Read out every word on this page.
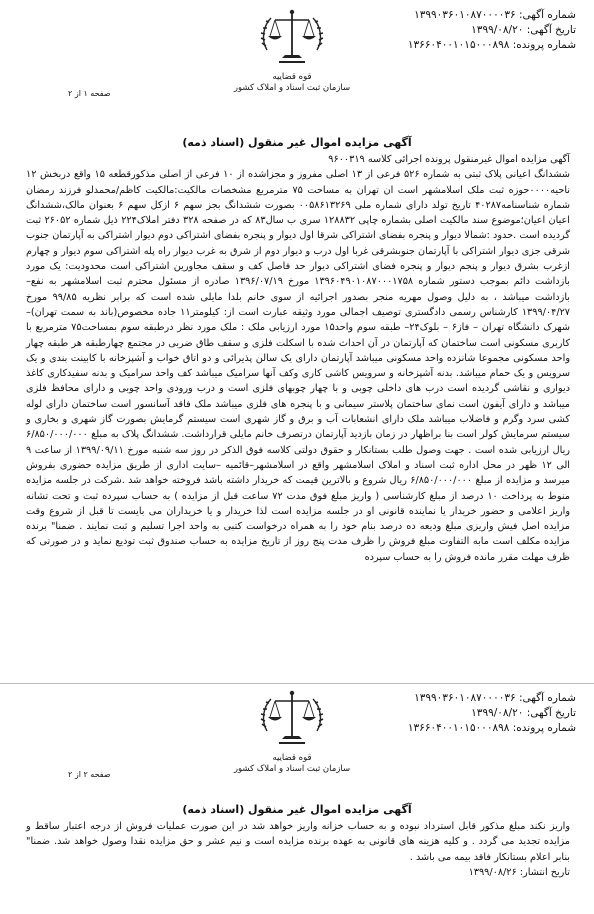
شماره آگهی: ۱۳۹۹۰۳۶۰۱۰۸۷۰۰۰۰۳۶
تاریخ آگهی: ۱۳۹۹/۰۸/۲۰
شماره پرونده: ۱۳۶۶۰۴۰۰۱۰۱۵۰۰۰۸۹۸
قوه قضاییه
سازمان ثبت اسناد و املاک کشور
صفحه ۱ از ۲
آگهی مزایده اموال غیر منقول (اسناد ذمه)
آگهی مزایده اموال غیرمنقول پرونده اجرائی کلاسه ۹۶۰۰۳۱۹
ششدانگ اعیانی پلاک ثبتی به شماره ۵۲۶ فرعی از ۱۳ اصلی مفروز و مجزاشده از ۱۰ فرعی از اصلی مذکورقطعه ۱۵ واقع دربخش ۱۲ ناحیه۰۰۰۰حوزه ثبت ملک اسلامشهر است ان تهران به مساحت ۷۵ مترمربع مشخصات مالکیت:مالکیت کاظم/محمدلو فرزند رمضان شماره شناسنامه۴۰۲۸۷ تاریخ تولد دارای شماره ملی ۰۰۵۸۶۱۳۲۶۹ بصورت ششدانگ بجز سهم ۶ ازکل سهم ۶ بعنوان مالک،ششدانگ اعیان اعیان؛موضوع سند مالکیت اصلی بشماره چاپی ۱۲۸۸۳۲ سری ب سال۸۳ که در صفحه ۳۲۸ دفتر املاک۲۲۴ ذیل شماره ۲۶۰۵۲ ثبت گردیده است .حدود :شمالا دیوار و پنجره بفضای اشتراکی شرقا اول دیوار و پنجره بفضای اشتراکی دوم دیوار اشتراکی به آپارتمان جنوب شرقی جزی دیوار اشتراکی با آپارتمان جنوبشرقی غربا اول درب و دیوار دوم از شرق به غرب دیوار راه پله اشتراکی سوم دیوار و چهارم ازغرب بشرق دیوار و پنجم دیوار و پنجره فضای اشتراکی دیوار حد فاصل کف و سقف مجاورین اشتراکی است محدودیت: یک مورد بازداشت دائم بموجب دستور شماره ۱۳۹۶۰۴۹۰۱۰۸۷۰۰۰۱۷۵۸ مورخ ۱۳۹۶/۰۷/۱۹ صادره از مسئول محترم ثبت اسلامشهر به نفع– بازداشت میباشد ، به دلیل وصول مهریه منجر بصدور اجرائیه از سوی خانم بلدا مایلی شده است که برابر نظریه ۹۹/۸۵ مورخ ۱۳۹۹/۰۴/۲۷ کارشناس رسمی دادگستری توصیف اجمالی مورد وثیقه عبارت است از: کیلومتر۱۱ جاده مخصوص(باند به سمت تهران)– شهرک دانشگاه تهران – فاز۶ – بلوک۲۴– طبقه سوم واحد۱۵ مورد ارزیابی ملک : ملک مورد نظر درطبقه سوم بمساحت۷۵ مترمربع با کاربری مسکونی است ساختمان که آپارتمان در آن احداث شده با اسکلت فلزی و سقف طاق ضربی در مجتمع چهارطبقه هر طبقه چهار واحد مسکونی مجموعا شانزده واحد مسکونی میباشد آپارتمان دارای یک سالن پذیرائی و دو اتاق خواب و آشپزخانه با کابینت بندی و یک سرویس و یک حمام میباشد. بدنه آشپزخانه و سرویس کاشی کاری وکف آنها سرامیک میباشد کف واحد سرامیک و بدنه سفیدکاری کاغذ دیواری و نقاشی گردیده است درب های داخلی چوبی و با چهار چوبهای فلزی است و درب ورودی واحد چوبی و دارای محافظ فلزی میباشد و دارای آیفون است نمای ساختمان پلاستر سیمانی و با پنجره های فلزی میباشد ملک فاقد آسانسور است ساختمان دارای لوله کشی سرد وگرم و فاضلاب میباشد ملک دارای انشعابات آب و برق و گاز شهری است سیستم گرمایش بصورت گاز شهری و بخاری و سیستم سرمایش کولر است بنا براظهار در زمان بازدید آپارتمان درتصرف خانم مایلی قرارداشت. ششدانگ پلاک به مبلغ ۶/۸۵۰/۰۰۰/۰۰۰ ریال ارزیابی شده است . جهت وصول طلب بستانکار و حقوق دولتی کلاسه فوق الذکر در روز سه شنبه مورخ ۱۳۹۹/۰۹/۱۱ از ساعت ۹ الی ۱۲ ظهر در محل اداره ثبت اسناد و املاک اسلامشهر واقع در اسلامشهر–قائمیه –سایت اداری از طریق مزایده حضوری بفروش میرسد و مزایده از مبلغ ۶/۸۵۰/۰۰۰/۰۰۰ ریال شروع و بالاترین قیمت که خریدار داشته باشد فروخته خواهد شد .شرکت در جلسه مزایده منوط به پرداخت ۱۰ درصد از مبلغ کارشناسی ( واریز مبلغ فوق مدت ۷۲ ساعت قبل از مزایده ) به حساب سپرده ثبت و تحت تشانه واریز اعلامی و حضور خریدار یا نماینده قانونی او در جلسه مزایده است لذا خریدار و یا خریداران می بایست تا قبل از شروع وقت مزایده اصل فیش واریزی مبلغ ودیعه ده درصد بنام خود را به همراه درخواست کتبی به واحد اجرا تسلیم و ثبت نمایند . ضمنا" برنده مزایده مکلف است مابه التفاوت مبلغ فروش را ظرف مدت پنج روز از تاریخ مزایده به حساب صندوق ثبت تودیع نماید و در صورتی که ظرف مهلت مقرر مانده فروش را به حساب سپرده
شماره آگهی: ۱۳۹۹۰۳۶۰۱۰۸۷۰۰۰۰۳۶
تاریخ آگهی: ۱۳۹۹/۰۸/۲۰
شماره پرونده: ۱۳۶۶۰۴۰۰۱۰۱۵۰۰۰۸۹۸
قوه قضاییه
سازمان ثبت اسناد و املاک کشور
صفحه ۲ از ۲
آگهی مزایده اموال غیر منقول (اسناد ذمه)
واریز نکند مبلغ مذکور قابل استرداد نبوده و به حساب خزانه واریز خواهد شد در این صورت عملیات فروش از درجه اعتبار ساقط و مزایده تجدید می گردد . و کلیه هزینه های قانونی به عهده برنده مزایده است و نیم عشر و حق مزایده نقدا وصول خواهد شد. ضمنا" بنابر اعلام بستانکار فاقد بیمه می باشد .
تاریخ انتشار: ۱۳۹۹/۰۸/۲۶
